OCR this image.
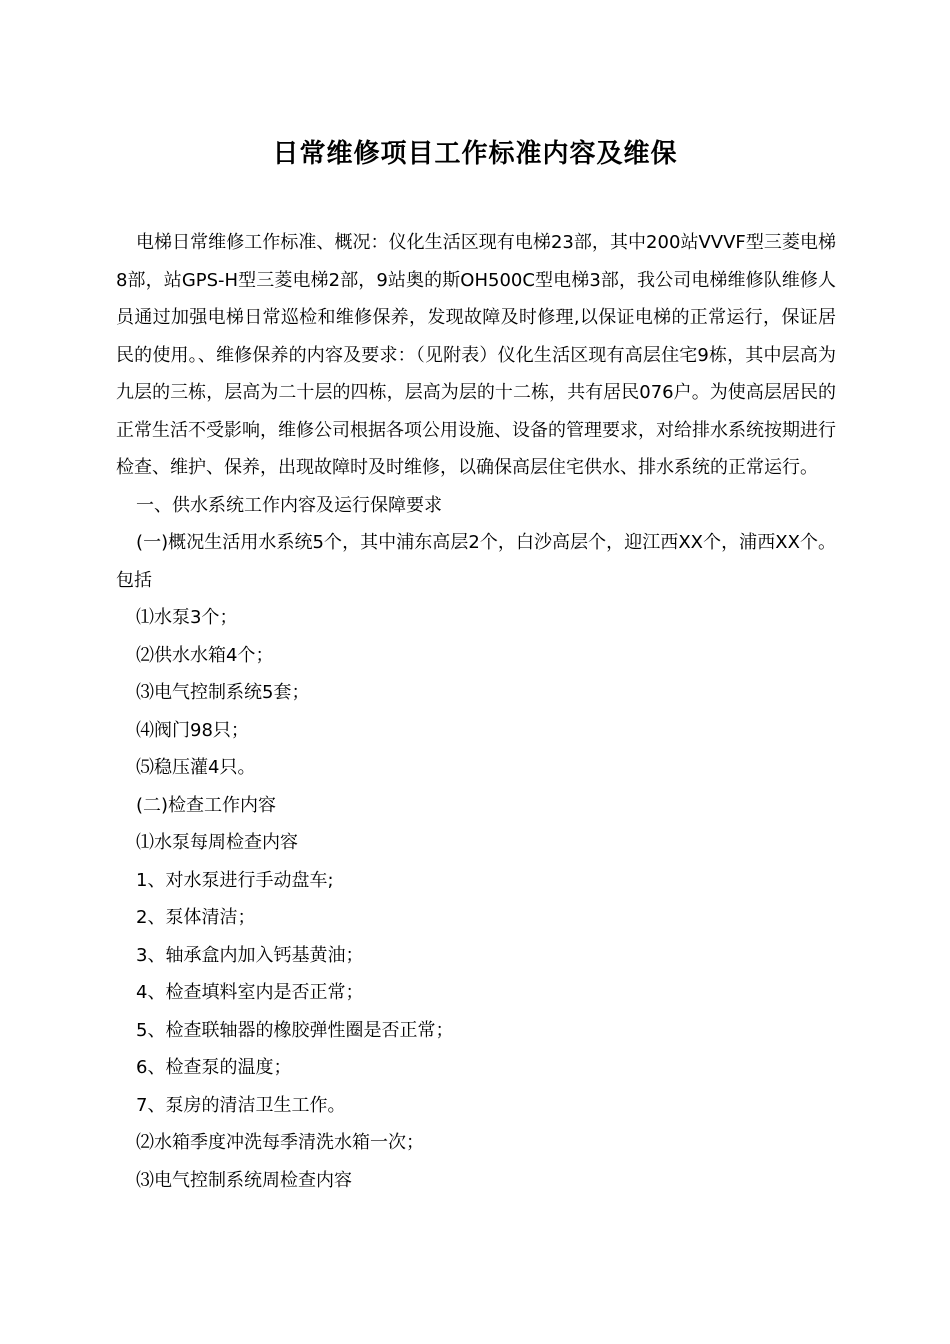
日常维修项目工作标准内容及维保

电梯日常维修工作标准、概况：仪化生活区现有电梯23部，其中200站VVVF型三菱电梯8部，站GPS-H型三菱电梯2部，9站奥的斯OH500C型电梯3部，我公司电梯维修队维修人员通过加强电梯日常巡检和维修保养，发现故障及时修理,以保证电梯的正常运行，保证居民的使用。、维修保养的内容及要求：（见附表）仪化生活区现有高层住宅9栋，其中层高为九层的三栋，层高为二十层的四栋，层高为层的十二栋，共有居民076户。为使高层居民的正常生活不受影响，维修公司根据各项公用设施、设备的管理要求，对给排水系统按期进行检查、维护、保养，出现故障时及时维修，以确保高层住宅供水、排水系统的正常运行。

一、供水系统工作内容及运行保障要求

(一)概况生活用水系统5个，其中浦东高层2个，白沙高层个，迎江西XX个，浦西XX个。包括

⑴水泵3个；

⑵供水水箱4个；

⑶电气控制系统5套；

⑷阀门98只；

⑸稳压灌4只。

(二)检查工作内容

⑴水泵每周检查内容

1、对水泵进行手动盘车;

2、泵体清洁；

3、轴承盒内加入钙基黄油；

4、检查填料室内是否正常；

5、检查联轴器的橡胶弹性圈是否正常；

6、检查泵的温度；

7、泵房的清洁卫生工作。

⑵水箱季度冲洗每季清洗水箱一次；

⑶电气控制系统周检查内容
